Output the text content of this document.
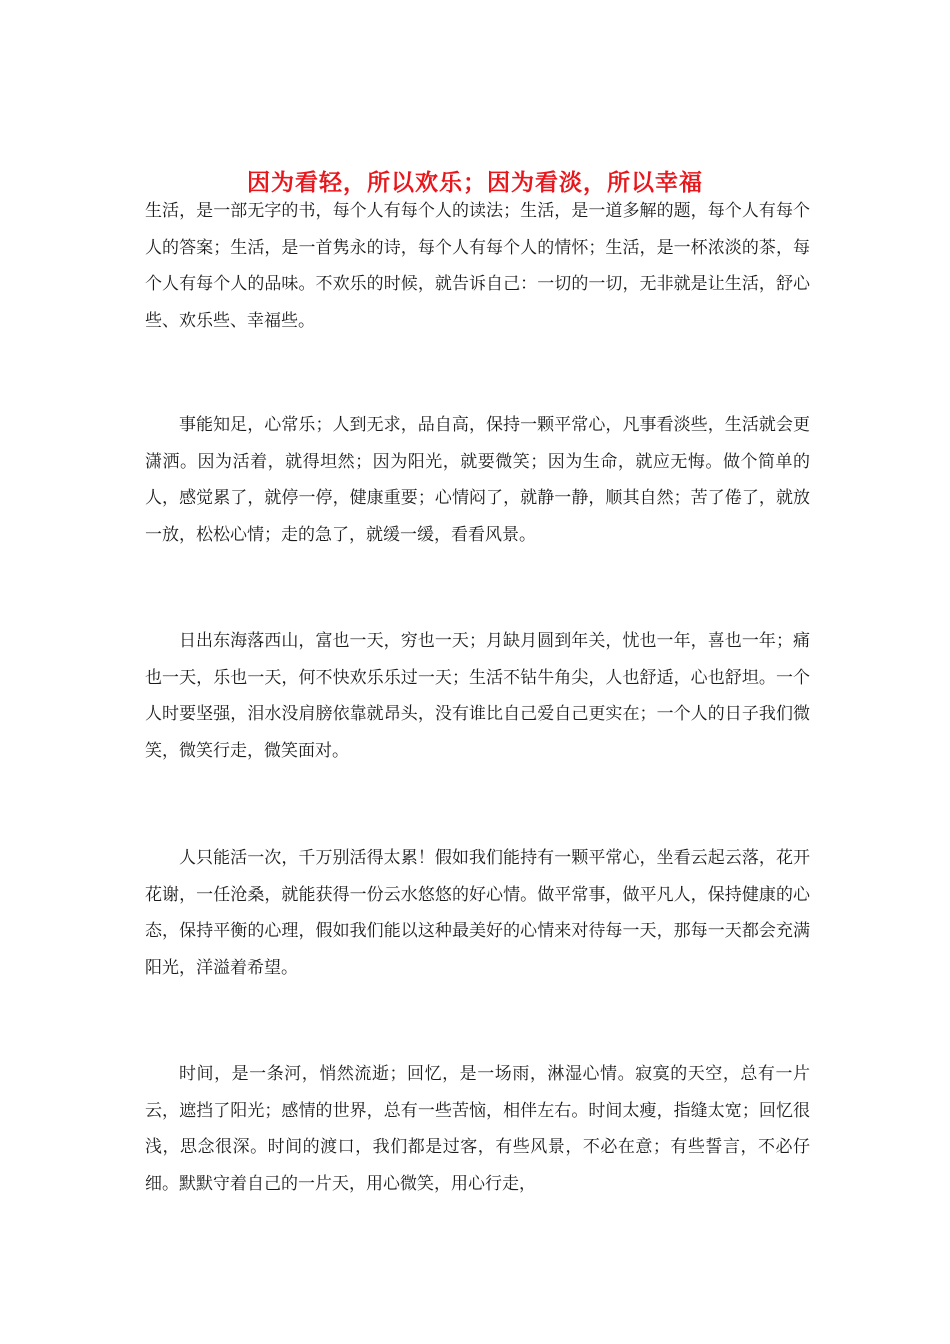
因为看轻，所以欢乐；因为看淡，所以幸福

生活，是一部无字的书，每个人有每个人的读法；生活，是一道多解的题，每个人有每个人的答案；生活，是一首隽永的诗，每个人有每个人的情怀；生活，是一杯浓淡的茶，每个人有每个人的品味。不欢乐的时候，就告诉自己：一切的一切，无非就是让生活，舒心些、欢乐些、幸福些。

事能知足，心常乐；人到无求，品自高，保持一颗平常心，凡事看淡些，生活就会更潇洒。因为活着，就得坦然；因为阳光，就要微笑；因为生命，就应无悔。做个简单的人，感觉累了，就停一停，健康重要；心情闷了，就静一静，顺其自然；苦了倦了，就放一放，松松心情；走的急了，就缓一缓，看看风景。

日出东海落西山，富也一天，穷也一天；月缺月圆到年关，忧也一年，喜也一年；痛也一天，乐也一天，何不快欢乐乐过一天；生活不钻牛角尖，人也舒适，心也舒坦。一个人时要坚强，泪水没肩膀依靠就昂头，没有谁比自己爱自己更实在；一个人的日子我们微笑，微笑行走，微笑面对。

人只能活一次，千万别活得太累！假如我们能持有一颗平常心，坐看云起云落，花开花谢，一任沧桑，就能获得一份云水悠悠的好心情。做平常事，做平凡人，保持健康的心态，保持平衡的心理，假如我们能以这种最美好的心情来对待每一天，那每一天都会充满阳光，洋溢着希望。

时间，是一条河，悄然流逝；回忆，是一场雨，淋湿心情。寂寞的天空，总有一片云，遮挡了阳光；感情的世界，总有一些苦恼，相伴左右。时间太瘦，指缝太宽；回忆很浅，思念很深。时间的渡口，我们都是过客，有些风景，不必在意；有些誓言，不必仔细。默默守着自己的一片天，用心微笑，用心行走，
